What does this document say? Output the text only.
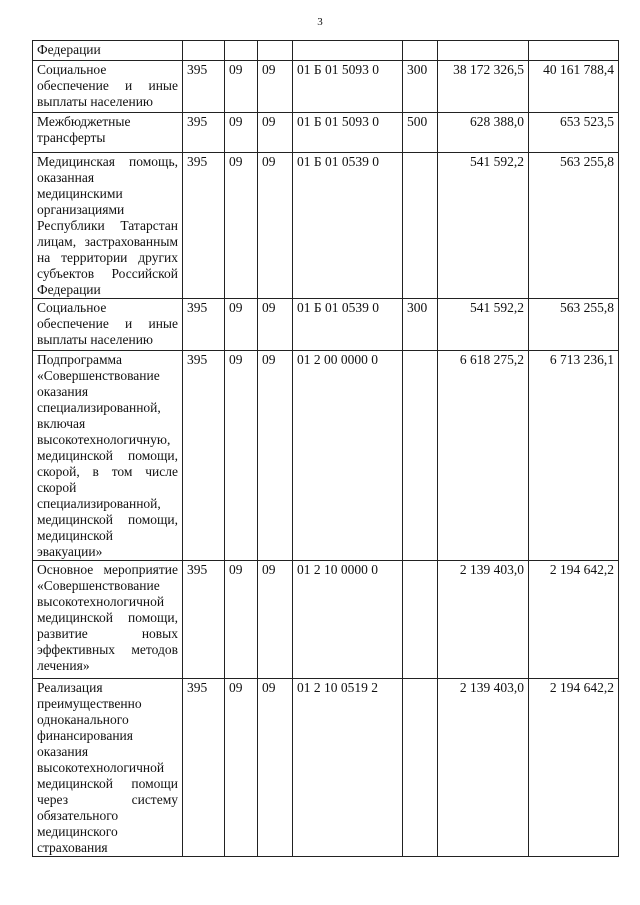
3
Федерации							
Социальное обеспечение и иные выплаты населению	395	09	09	01 Б 01 5093 0	300	38 172 326,5	40 161 788,4
Межбюджетные трансферты	395	09	09	01 Б 01 5093 0	500	628 388,0	653 523,5
Медицинская помощь, оказанная медицинскими организациями Республики Татарстан лицам, застрахованным на территории других субъектов Российской Федерации	395	09	09	01 Б 01 0539 0		541 592,2	563 255,8
Социальное обеспечение и иные выплаты населению	395	09	09	01 Б 01 0539 0	300	541 592,2	563 255,8
Подпрограмма «Совершенствование оказания специализированной, включая высокотехнологичную, медицинской помощи, скорой, в том числе скорой специализированной, медицинской помощи, медицинской эвакуации»	395	09	09	01 2 00 0000 0		6 618 275,2	6 713 236,1
Основное мероприятие «Совершенствование высокотехнологичной медицинской помощи, развитие новых эффективных методов лечения»	395	09	09	01 2 10 0000 0		2 139 403,0	2 194 642,2
Реализация преимущественно одноканального финансирования оказания высокотехнологичной медицинской помощи через систему обязательного медицинского страхования	395	09	09	01 2 10 0519 2		2 139 403,0	2 194 642,2
